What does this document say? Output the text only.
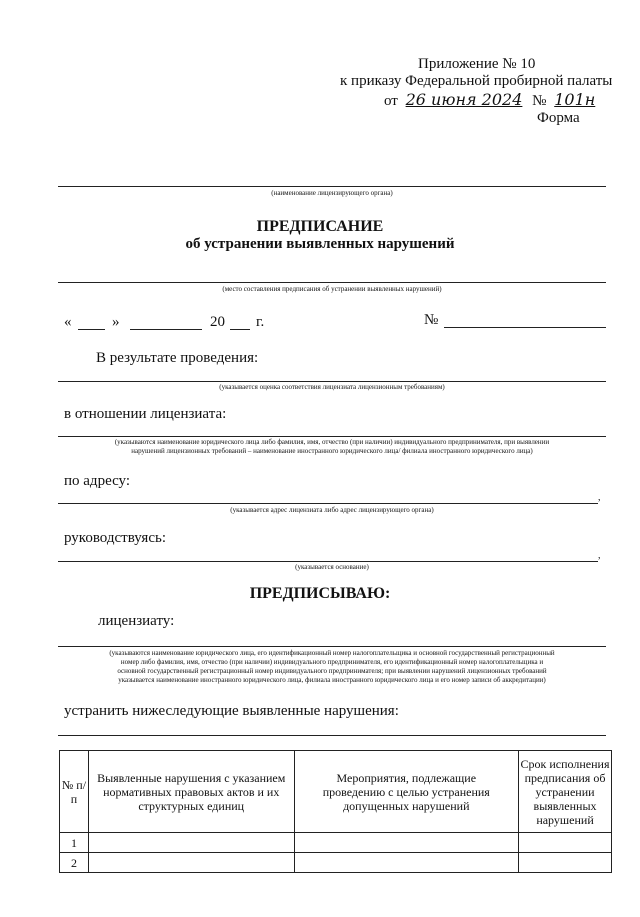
Приложение № 10
к приказу Федеральной пробирной палаты
от 26 июня 2024 № 101н
Форма
(наименование лицензирующего органа)
ПРЕДПИСАНИЕ
об устранении выявленных нарушений
(место составления предписания об устранении выявленных нарушений)
«	»	20 г.	№
В результате проведения:
(указывается оценка соответствия лицензиата лицензионным требованиям)
в отношении лицензиата:
(указываются наименование юридического лица либо фамилия, имя, отчество (при наличии) индивидуального предпринимателя, при выявлении
нарушений лицензионных требований – наименование иностранного юридического лица/ филиала иностранного юридического лица)
по адресу:
,
(указывается адрес лицензиата либо адрес лицензирующего органа)
руководствуясь:
,
(указывается основание)
ПРЕДПИСЫВАЮ:
лицензиату:
(указываются наименование юридического лица, его идентификационный номер налогоплательщика и основной государственный регистрационный
номер либо фамилия, имя, отчество (при наличии) индивидуального предпринимателя, его идентификационный номер налогоплательщика и
основной государственный регистрационный номер индивидуального предпринимателя; при выявлении нарушений лицензионных требований
указывается наименование иностранного юридического лица, филиала иностранного юридического лица и его номер записи об аккредитации)
устранить нижеследующие выявленные нарушения:
№ п/п	Выявленные нарушения с указанием нормативных правовых актов и их структурных единиц	Мероприятия, подлежащие проведению с целью устранения допущенных нарушений	Срок исполнения предписания об устранении выявленных нарушений
1			
2			
